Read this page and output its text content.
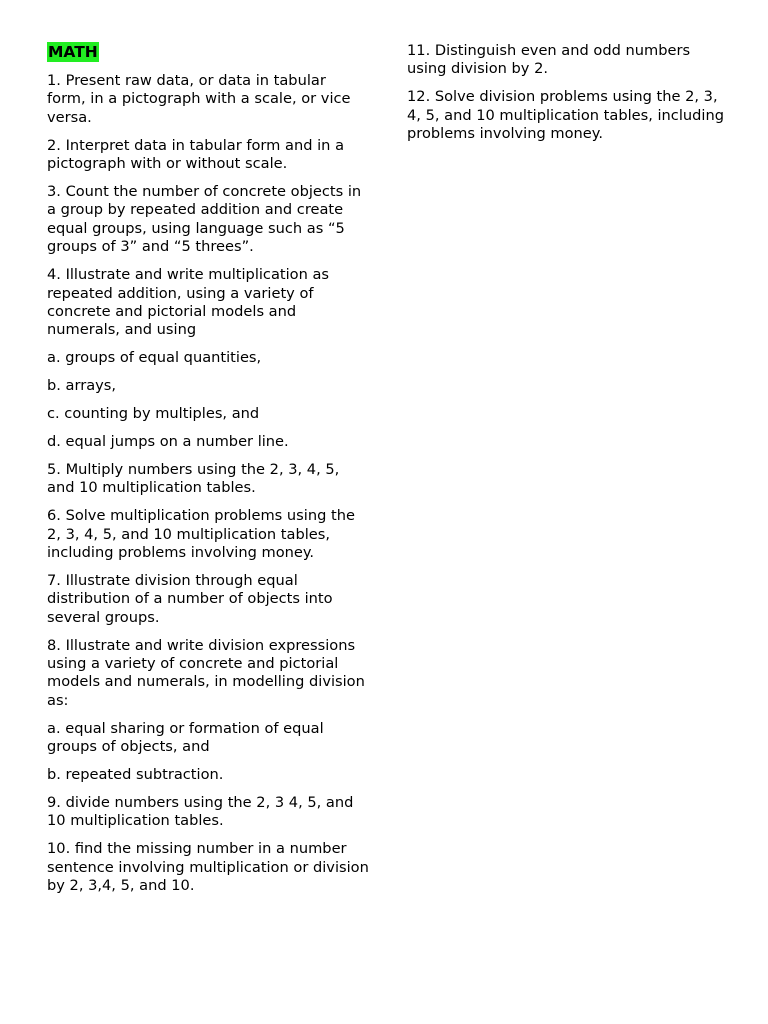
MATH

1. Present raw data, or data in tabular form, in a pictograph with a scale, or vice versa.

2. Interpret data in tabular form and in a pictograph with or without scale.

3. Count the number of concrete objects in a group by repeated addition and create equal groups, using language such as “5 groups of 3” and “5 threes”.

4. Illustrate and write multiplication as repeated addition, using a variety of concrete and pictorial models and numerals, and using

a. groups of equal quantities,

b. arrays,

c. counting by multiples, and

d. equal jumps on a number line.

5. Multiply numbers using the 2, 3, 4, 5, and 10 multiplication tables.

6. Solve multiplication problems using the 2, 3, 4, 5, and 10 multiplication tables, including problems involving money.

7. Illustrate division through equal distribution of a number of objects into several groups.

8. Illustrate and write division expressions using a variety of concrete and pictorial models and numerals, in modelling division as:

a. equal sharing or formation of equal groups of objects, and

b. repeated subtraction.

9. divide numbers using the 2, 3 4, 5, and 10 multiplication tables.

10. find the missing number in a number sentence involving multiplication or division by 2, 3,4, 5, and 10.

11. Distinguish even and odd numbers using division by 2.

12. Solve division problems using the 2, 3, 4, 5, and 10 multiplication tables, including problems involving money.
